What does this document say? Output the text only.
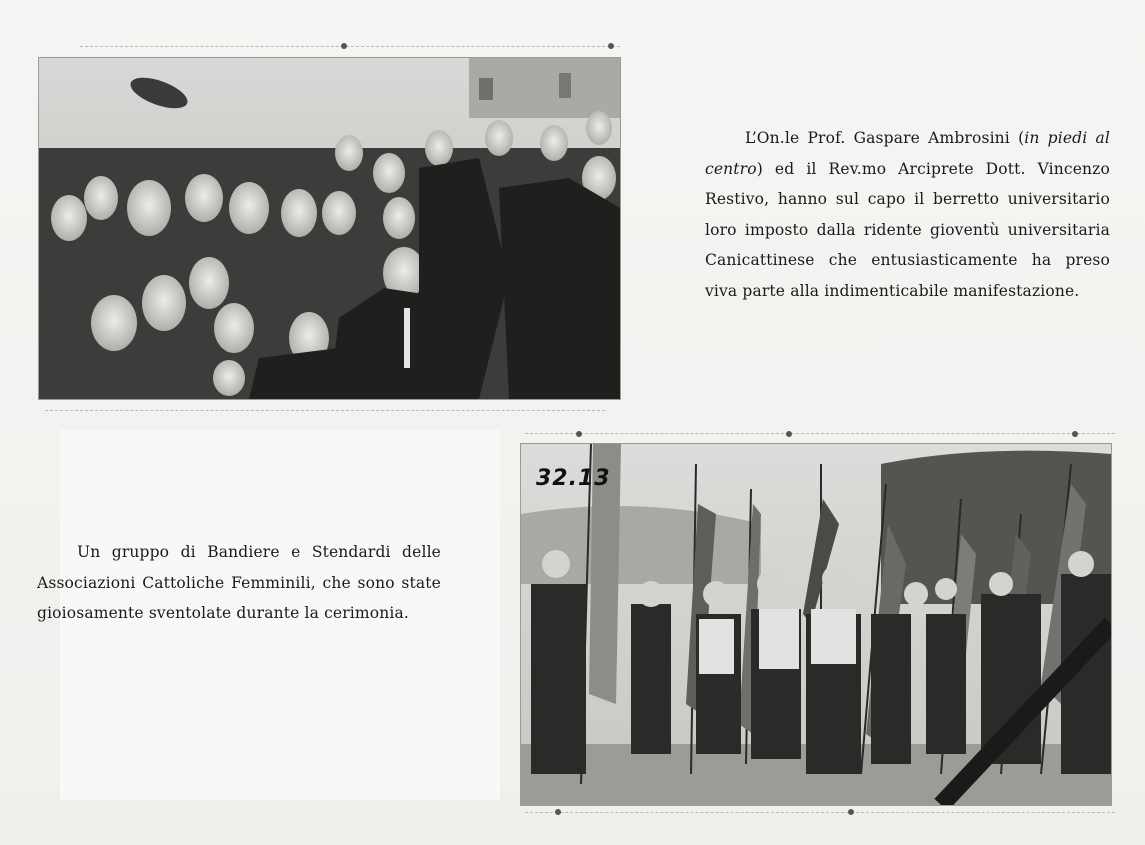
L’On.le Prof. Gaspare Ambrosini (in piedi al centro) ed il Rev.mo Arciprete Dott. Vincenzo Restivo, hanno sul capo il berretto universitario loro imposto dalla ridente gioventù universitaria Canicattinese che entusiasticamente ha preso viva parte alla indimenticabile manifestazione.

Un gruppo di Bandiere e Stendardi delle Associazioni Cattoliche Femminili, che sono state gioiosamente sventolate durante la cerimonia.

32.13
